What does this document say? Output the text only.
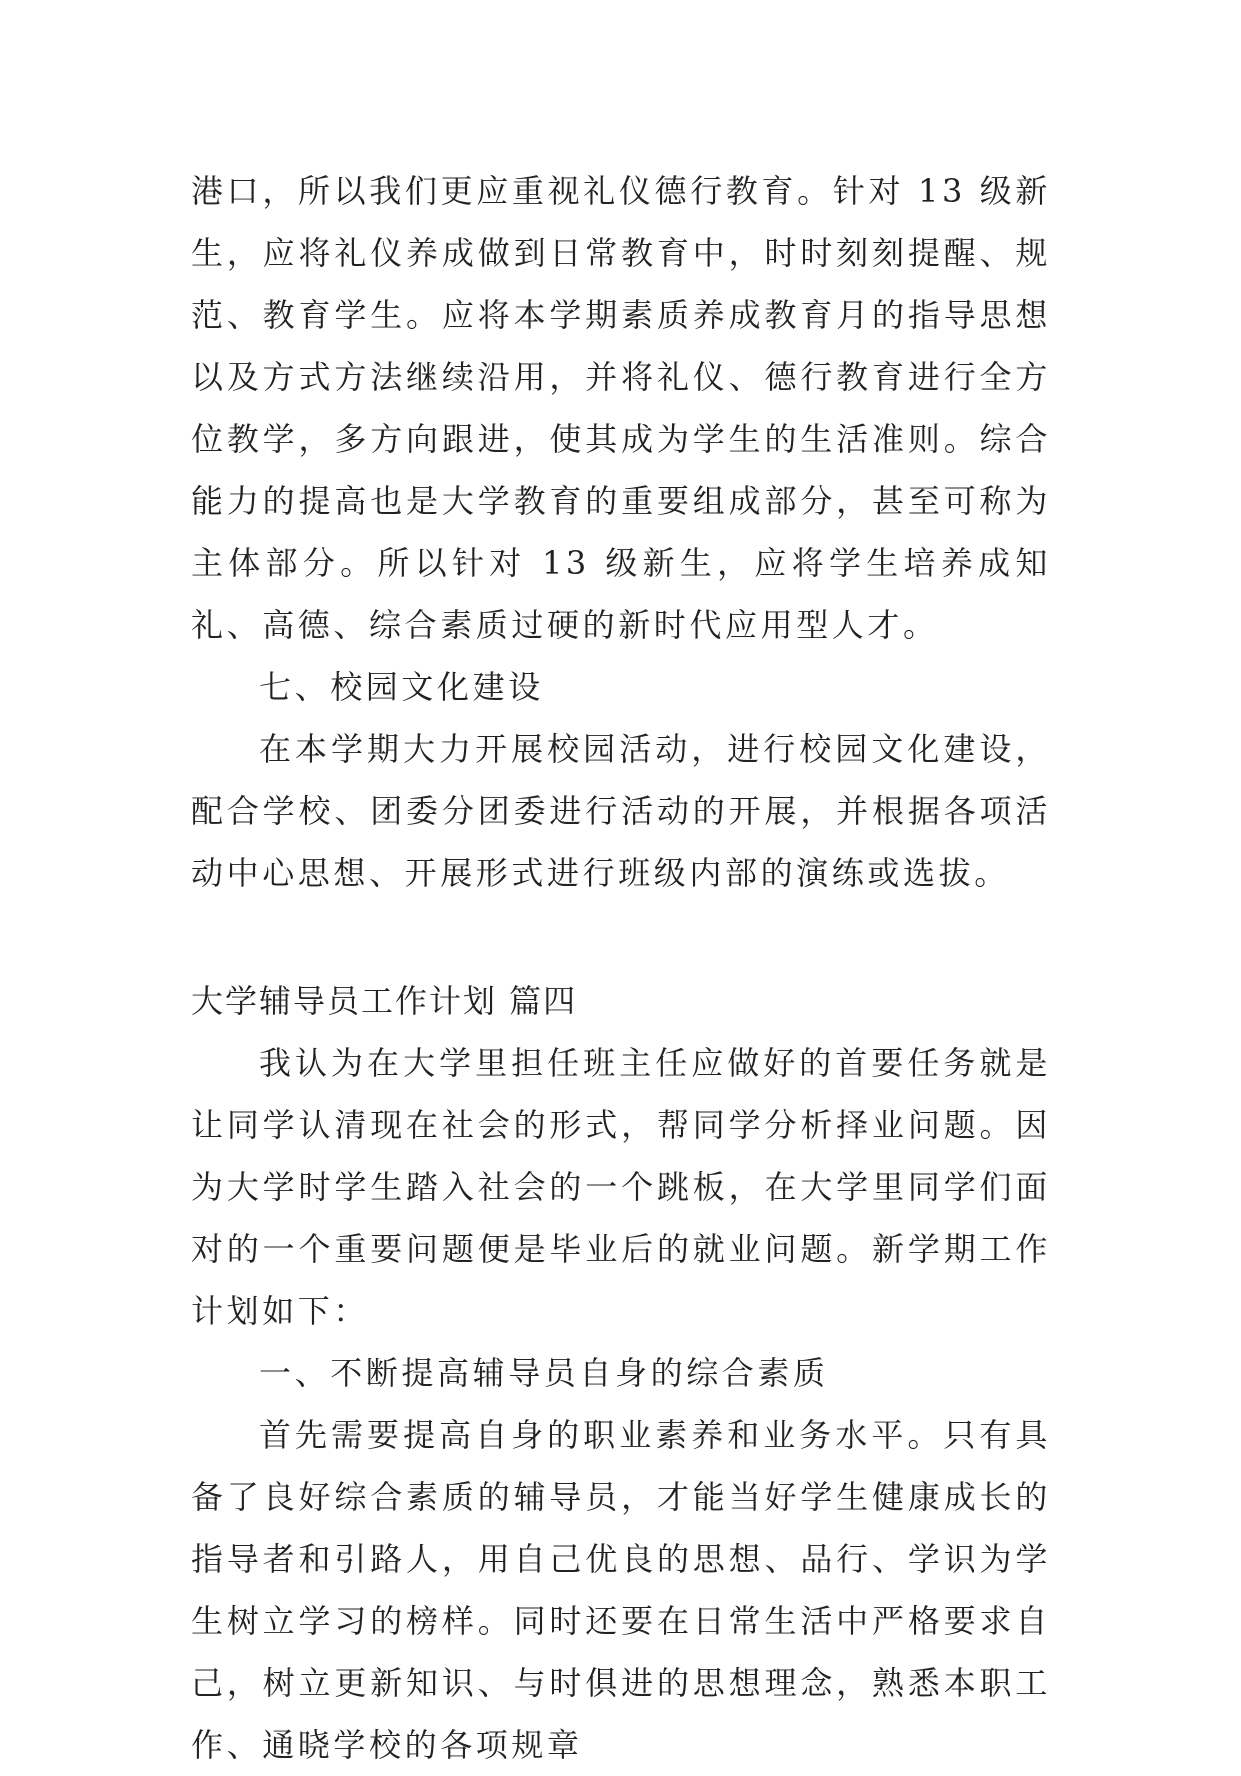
港口，所以我们更应重视礼仪德行教育。针对 13 级新生，应将礼仪养成做到日常教育中，时时刻刻提醒、规范、教育学生。应将本学期素质养成教育月的指导思想以及方式方法继续沿用，并将礼仪、德行教育进行全方位教学，多方向跟进，使其成为学生的生活准则。综合能力的提高也是大学教育的重要组成部分，甚至可称为主体部分。所以针对 13 级新生，应将学生培养成知礼、高德、综合素质过硬的新时代应用型人才。

七、校园文化建设

在本学期大力开展校园活动，进行校园文化建设，配合学校、团委分团委进行活动的开展，并根据各项活动中心思想、开展形式进行班级内部的演练或选拔。

大学辅导员工作计划 篇四

我认为在大学里担任班主任应做好的首要任务就是让同学认清现在社会的形式，帮同学分析择业问题。因为大学时学生踏入社会的一个跳板，在大学里同学们面对的一个重要问题便是毕业后的就业问题。新学期工作计划如下：

一、不断提高辅导员自身的综合素质

首先需要提高自身的职业素养和业务水平。只有具备了良好综合素质的辅导员，才能当好学生健康成长的指导者和引路人，用自己优良的思想、品行、学识为学生树立学习的榜样。同时还要在日常生活中严格要求自己，树立更新知识、与时俱进的思想理念，熟悉本职工作、通晓学校的各项规章
